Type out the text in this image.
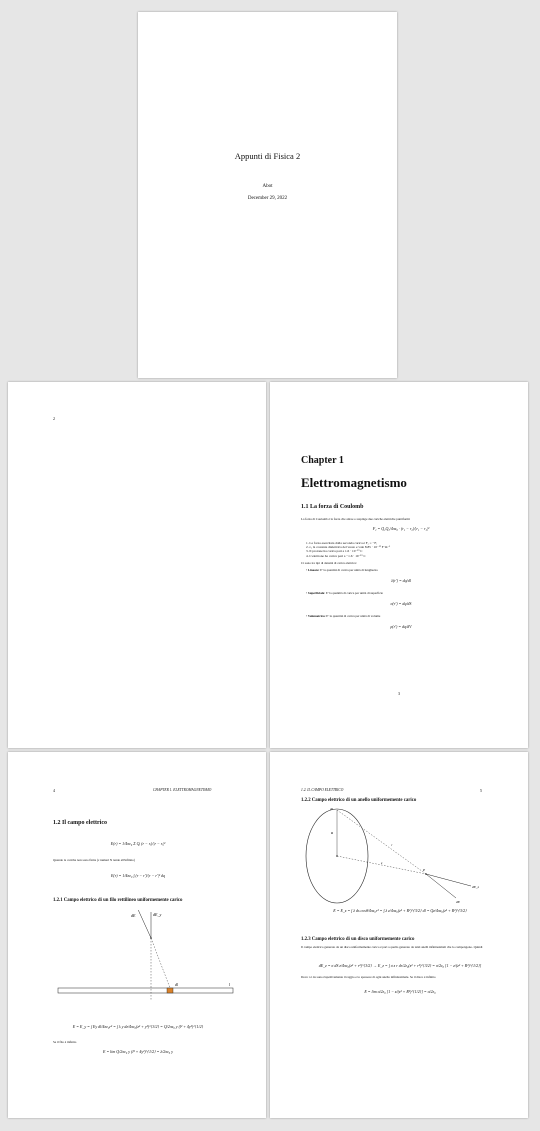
Appunti di Fisica 2
Abot
December 29, 2022
2
Chapter 1
Elettromagnetismo
1.1 La forza di Coulomb
La forza di Coulomb è la forza che attrae o respinge due cariche elettriche puntiformi
F₁ = Q₁Q₂/4πε₀ · (r₁ − r₂)/|r₁ − r₂|³
1. La forza esercitata dalla seconda carica è F₂ = −F₁
2. ε₀ la costante dielettrica del vuoto e vale 8.85 · 10⁻¹² F·m⁻¹
3. Il protone ha carica pari a 1.6 · 10⁻¹⁹ C
4. L'elettrone ha carica pari a −1.6 · 10⁻¹⁹ C
Ci sono tre tipi di densità di carica elettrica:
• Lineare: E' la quantità di carica per unità di lunghezza
λ(r′) = dq/dl
• Superficiale: E' la quantità di carica per unità di superficie
σ(r′) = dq/dS
• Volumetrica: E' la quantità di carica per unità di volume
ρ(r′) = dq/dV
3
4	CHAPTER 1. ELETTROMAGNETISMO
1.2 Il campo elettrico
E(r) = 1/4πε₀ Σ Qᵢ (r − rᵢ)/|r − rᵢ|³
Quando le cariche non sono finite (ε numeri N tende all'infinito)
E(r) = 1/4πε₀ ∫ (r − r′)/|r − r′|³ dq
1.2.1 Campo elettrico di un filo rettilineo uniformemente carico
dE	dE_y
dl	l
E = E_y = ∫ Ey dl/4πε₀r² = ∫ λ y dz/4πε₀(z² + y²)^{3/2} = Q/2πε₀ y (l² + 4y²)^{1/2}
Se il filo è infinito
E = lim Q/2πε₀ y (l² + 4y²)^{1/2} = λ/2πε₀ y
1.2. IL CAMPO ELETTRICO	5
1.2.2 Campo elettrico di un anello uniformemente carico
dl
R
z
r
P
dE_z
dE
E = E_z = ∫ λ ds cosθ/4πε₀r² = ∫ λ z/4πε₀(z² + R²)^{3/2} dl = Qz/4πε₀(z² + R²)^{3/2}
1.2.3 Campo elettrico di un disco uniformemente carico
Il campo elettrico generato da un disco uniformemente carico è pari a quello generato da tanti anelli infinitesimali che lo compongono. Quindi
dE_z = σ dS z/4πε₀(z² + r²)^{3/2} → E_z = ∫ σ z r dr/2ε₀(z² + r²)^{3/2} = σ/2ε₀ [1 − z/(z² + R²)^{1/2}]
Dove r è da sono rispettivamente il raggio e lo spessore di ogni anello infinitesimale. Se il disco è infinito
E = lim σ/2ε₀ [1 − z/(z² + R²)^{1/2}] = σ/2ε₀
